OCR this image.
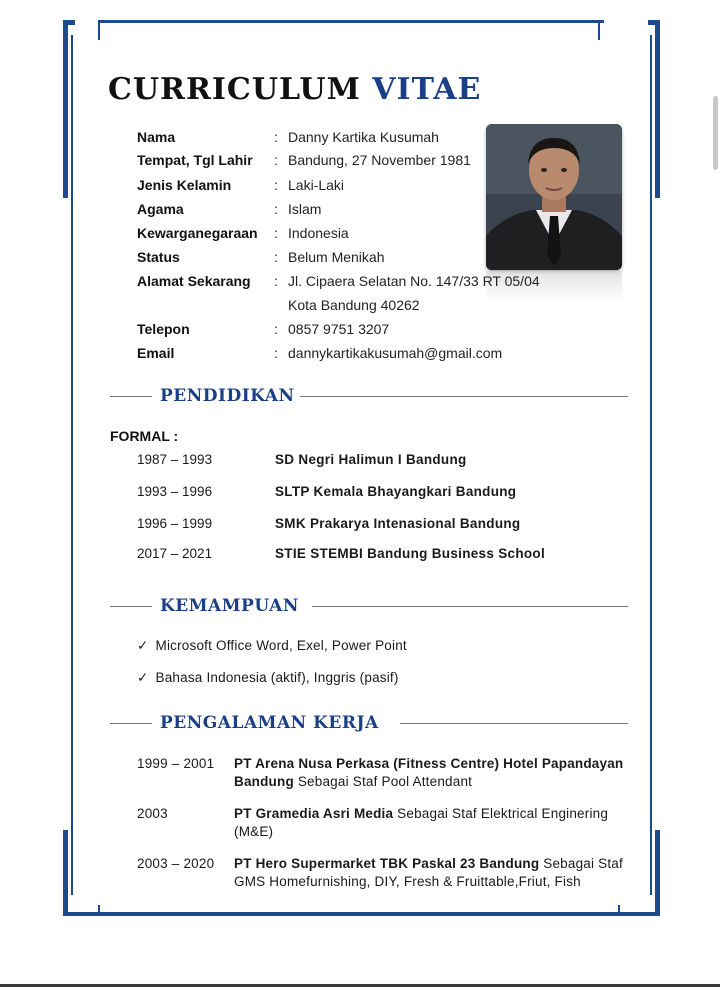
CURRICULUM VITAE
Nama	: Danny Kartika Kusumah
Tempat, Tgl Lahir : Bandung, 27 November 1981
Jenis Kelamin	: Laki-Laki
Agama	: Islam
Kewarganegaraan : Indonesia
Status	: Belum Menikah
Alamat Sekarang : Jl. Cipaera Selatan No. 147/33 RT 05/04
Kota Bandung 40262
Telepon	: 0857 9751 3207
Email	: dannykartikakusumah@gmail.com
PENDIDIKAN
FORMAL :
1987 – 1993	SD Negri Halimun I Bandung
1993 – 1996	SLTP Kemala Bhayangkari Bandung
1996 – 1999	SMK Prakarya Intenasional Bandung
2017 – 2021	STIE STEMBI Bandung Business School
KEMAMPUAN
✓ Microsoft Office Word, Exel, Power Point
✓ Bahasa Indonesia (aktif), Inggris (pasif)
PENGALAMAN KERJA
1999 – 2001 PT Arena Nusa Perkasa (Fitness Centre) Hotel Papandayan Bandung Sebagai Staf Pool Attendant
2003	PT Gramedia Asri Media Sebagai Staf Elektrical Enginering (M&E)
2003 – 2020 PT Hero Supermarket TBK Paskal 23 Bandung Sebagai Staf GMS Homefurnishing, DIY, Fresh & Fruittable,Friut, Fish
